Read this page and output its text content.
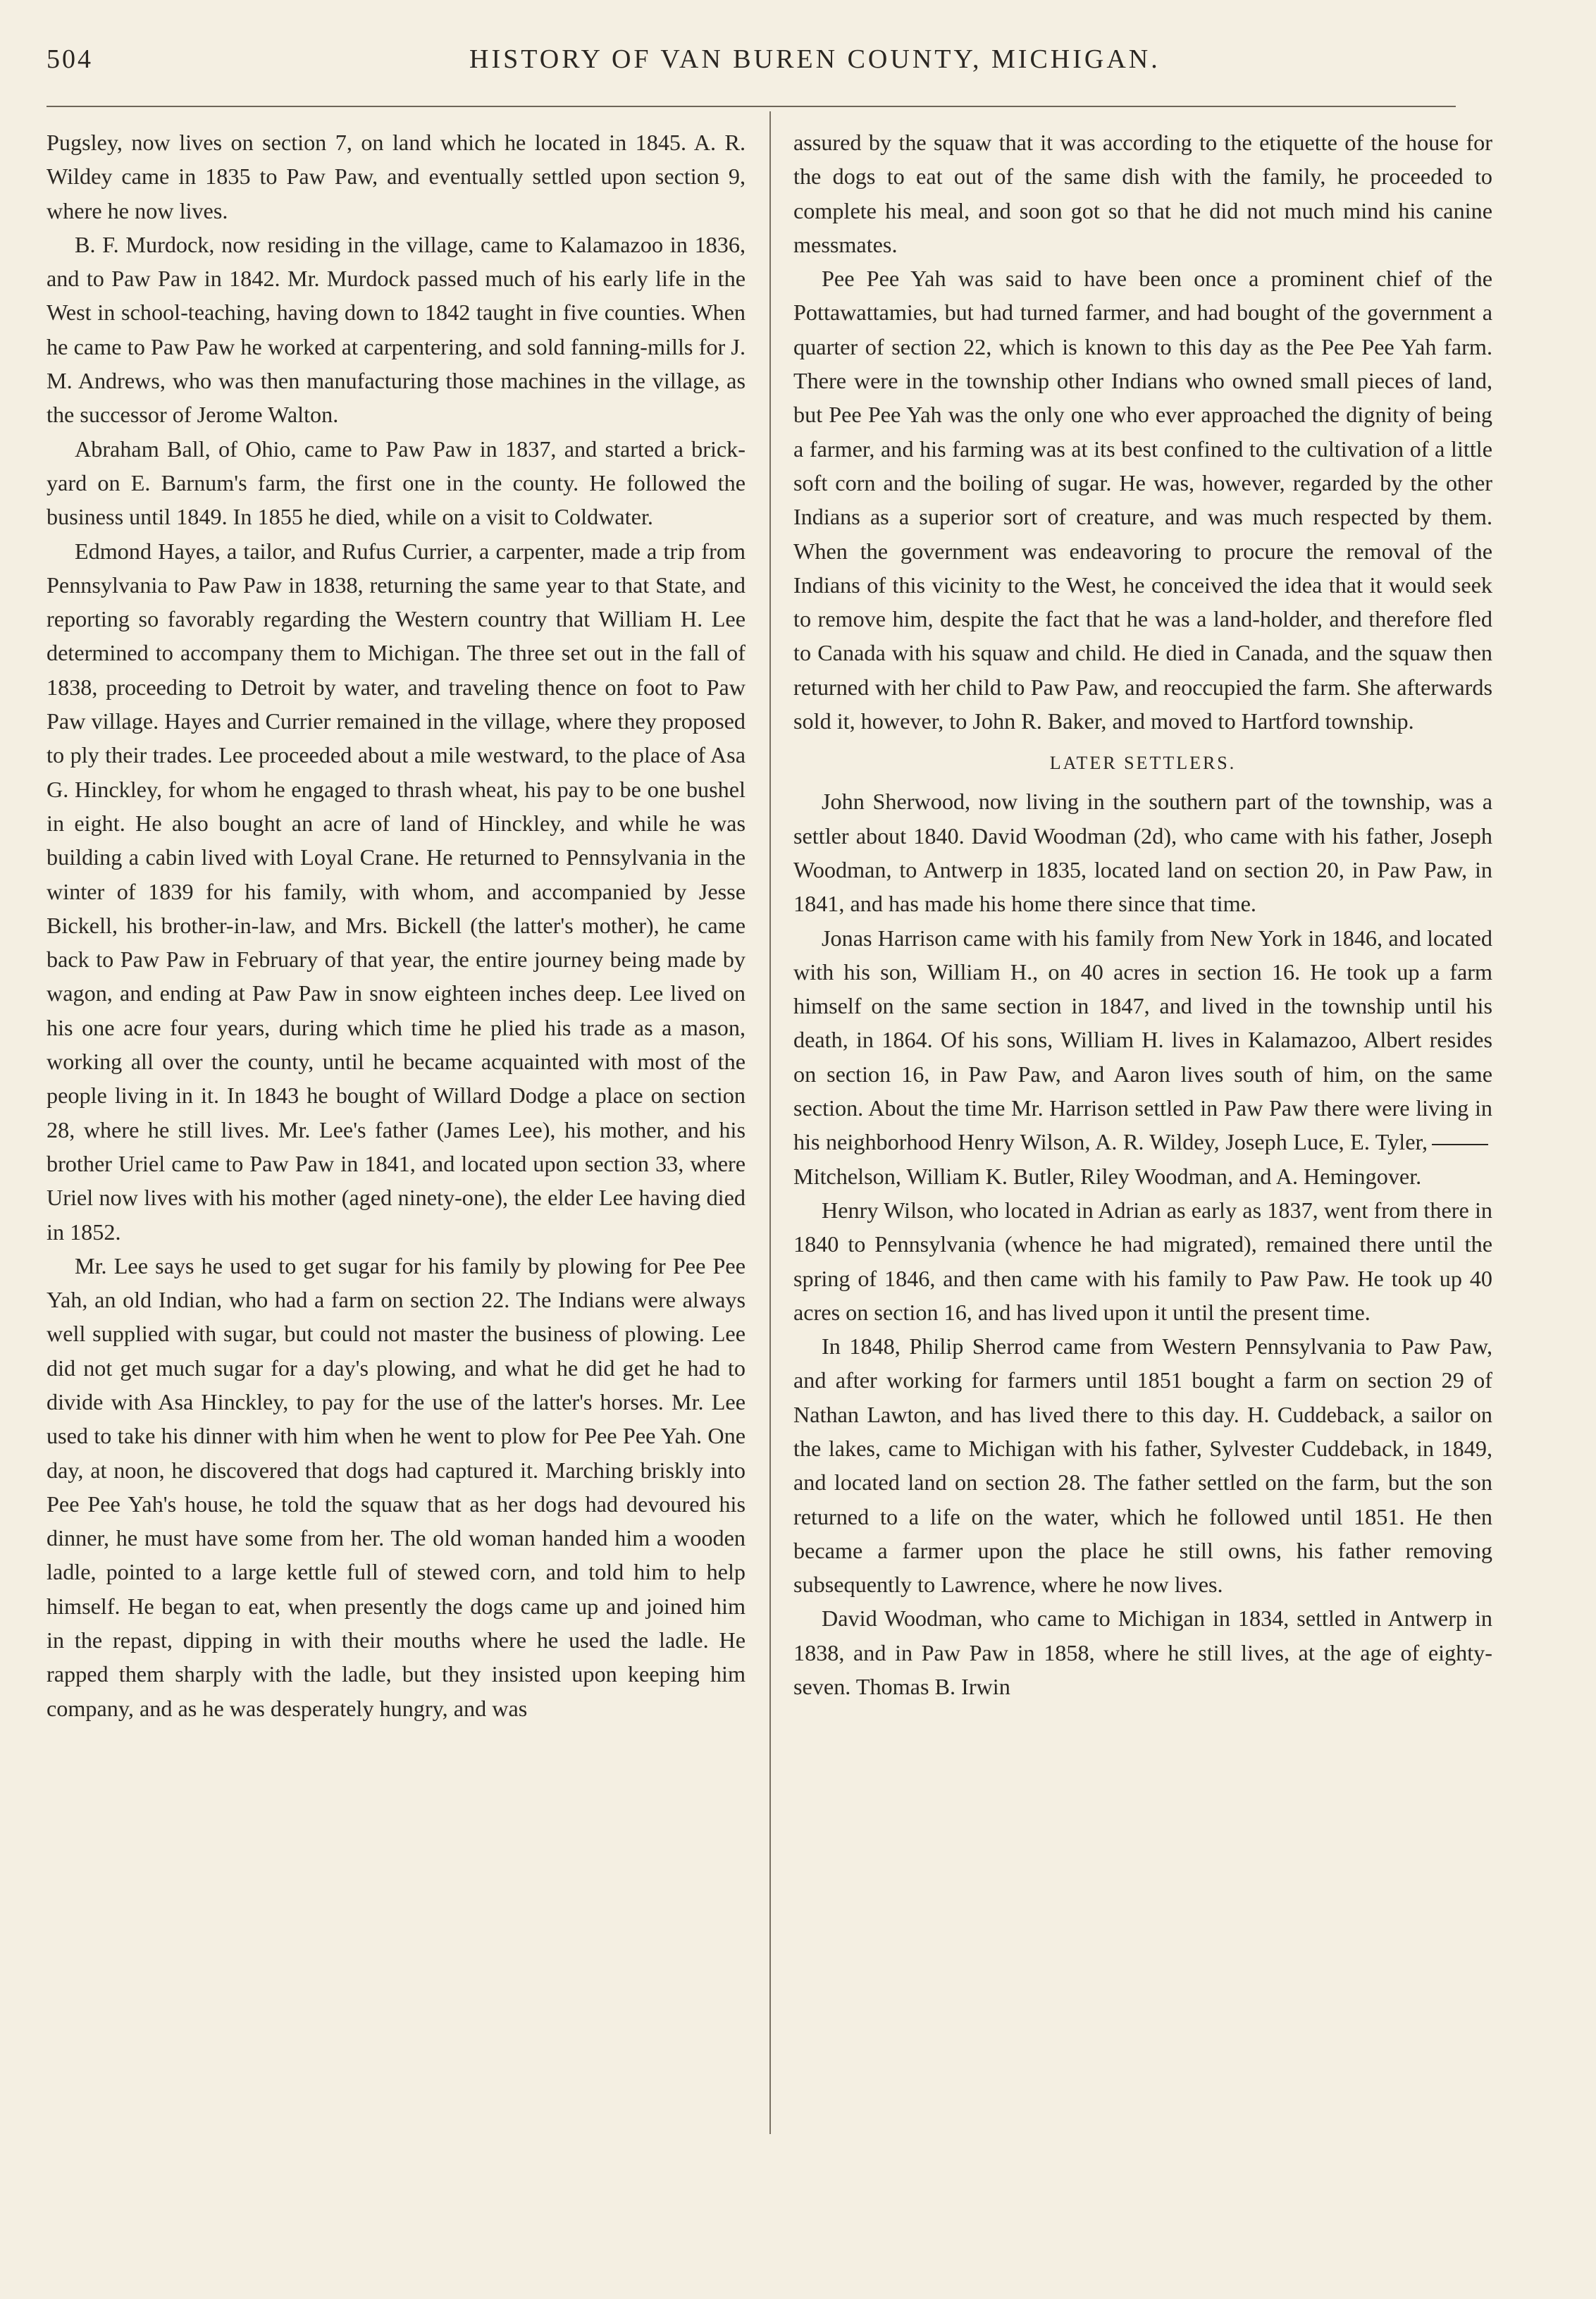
504	HISTORY OF VAN BUREN COUNTY, MICHIGAN.

Pugsley, now lives on section 7, on land which he located in 1845. A. R. Wildey came in 1835 to Paw Paw, and eventually settled upon section 9, where he now lives.

B. F. Murdock, now residing in the village, came to Kalamazoo in 1836, and to Paw Paw in 1842. Mr. Murdock passed much of his early life in the West in school-teaching, having down to 1842 taught in five counties. When he came to Paw Paw he worked at carpentering, and sold fanning-mills for J. M. Andrews, who was then manufacturing those machines in the village, as the successor of Jerome Walton.

Abraham Ball, of Ohio, came to Paw Paw in 1837, and started a brick-yard on E. Barnum's farm, the first one in the county. He followed the business until 1849. In 1855 he died, while on a visit to Coldwater.

Edmond Hayes, a tailor, and Rufus Currier, a carpenter, made a trip from Pennsylvania to Paw Paw in 1838, returning the same year to that State, and reporting so favorably regarding the Western country that William H. Lee determined to accompany them to Michigan. The three set out in the fall of 1838, proceeding to Detroit by water, and traveling thence on foot to Paw Paw village. Hayes and Currier remained in the village, where they proposed to ply their trades. Lee proceeded about a mile westward, to the place of Asa G. Hinckley, for whom he engaged to thrash wheat, his pay to be one bushel in eight. He also bought an acre of land of Hinckley, and while he was building a cabin lived with Loyal Crane. He returned to Pennsylvania in the winter of 1839 for his family, with whom, and accompanied by Jesse Bickell, his brother-in-law, and Mrs. Bickell (the latter's mother), he came back to Paw Paw in February of that year, the entire journey being made by wagon, and ending at Paw Paw in snow eighteen inches deep. Lee lived on his one acre four years, during which time he plied his trade as a mason, working all over the county, until he became acquainted with most of the people living in it. In 1843 he bought of Willard Dodge a place on section 28, where he still lives. Mr. Lee's father (James Lee), his mother, and his brother Uriel came to Paw Paw in 1841, and located upon section 33, where Uriel now lives with his mother (aged ninety-one), the elder Lee having died in 1852.

Mr. Lee says he used to get sugar for his family by plowing for Pee Pee Yah, an old Indian, who had a farm on section 22. The Indians were always well supplied with sugar, but could not master the business of plowing. Lee did not get much sugar for a day's plowing, and what he did get he had to divide with Asa Hinckley, to pay for the use of the latter's horses. Mr. Lee used to take his dinner with him when he went to plow for Pee Pee Yah. One day, at noon, he discovered that dogs had captured it. Marching briskly into Pee Pee Yah's house, he told the squaw that as her dogs had devoured his dinner, he must have some from her. The old woman handed him a wooden ladle, pointed to a large kettle full of stewed corn, and told him to help himself. He began to eat, when presently the dogs came up and joined him in the repast, dipping in with their mouths where he used the ladle. He rapped them sharply with the ladle, but they insisted upon keeping him company, and as he was desperately hungry, and was

assured by the squaw that it was according to the etiquette of the house for the dogs to eat out of the same dish with the family, he proceeded to complete his meal, and soon got so that he did not much mind his canine messmates.

Pee Pee Yah was said to have been once a prominent chief of the Pottawattamies, but had turned farmer, and had bought of the government a quarter of section 22, which is known to this day as the Pee Pee Yah farm. There were in the township other Indians who owned small pieces of land, but Pee Pee Yah was the only one who ever approached the dignity of being a farmer, and his farming was at its best confined to the cultivation of a little soft corn and the boiling of sugar. He was, however, regarded by the other Indians as a superior sort of creature, and was much respected by them. When the government was endeavoring to procure the removal of the Indians of this vicinity to the West, he conceived the idea that it would seek to remove him, despite the fact that he was a land-holder, and therefore fled to Canada with his squaw and child. He died in Canada, and the squaw then returned with her child to Paw Paw, and reoccupied the farm. She afterwards sold it, however, to John R. Baker, and moved to Hartford township.

LATER SETTLERS.

John Sherwood, now living in the southern part of the township, was a settler about 1840. David Woodman (2d), who came with his father, Joseph Woodman, to Antwerp in 1835, located land on section 20, in Paw Paw, in 1841, and has made his home there since that time.

Jonas Harrison came with his family from New York in 1846, and located with his son, William H., on 40 acres in section 16. He took up a farm himself on the same section in 1847, and lived in the township until his death, in 1864. Of his sons, William H. lives in Kalamazoo, Albert resides on section 16, in Paw Paw, and Aaron lives south of him, on the same section. About the time Mr. Harrison settled in Paw Paw there were living in his neighborhood Henry Wilson, A. R. Wildey, Joseph Luce, E. Tyler,Mitchelson, William K. Butler, Riley Woodman, and A. Hemingover.

Henry Wilson, who located in Adrian as early as 1837, went from there in 1840 to Pennsylvania (whence he had migrated), remained there until the spring of 1846, and then came with his family to Paw Paw. He took up 40 acres on section 16, and has lived upon it until the present time.

In 1848, Philip Sherrod came from Western Pennsylvania to Paw Paw, and after working for farmers until 1851 bought a farm on section 29 of Nathan Lawton, and has lived there to this day. H. Cuddeback, a sailor on the lakes, came to Michigan with his father, Sylvester Cuddeback, in 1849, and located land on section 28. The father settled on the farm, but the son returned to a life on the water, which he followed until 1851. He then became a farmer upon the place he still owns, his father removing subsequently to Lawrence, where he now lives.

David Woodman, who came to Michigan in 1834, settled in Antwerp in 1838, and in Paw Paw in 1858, where he still lives, at the age of eighty-seven. Thomas B. Irwin
